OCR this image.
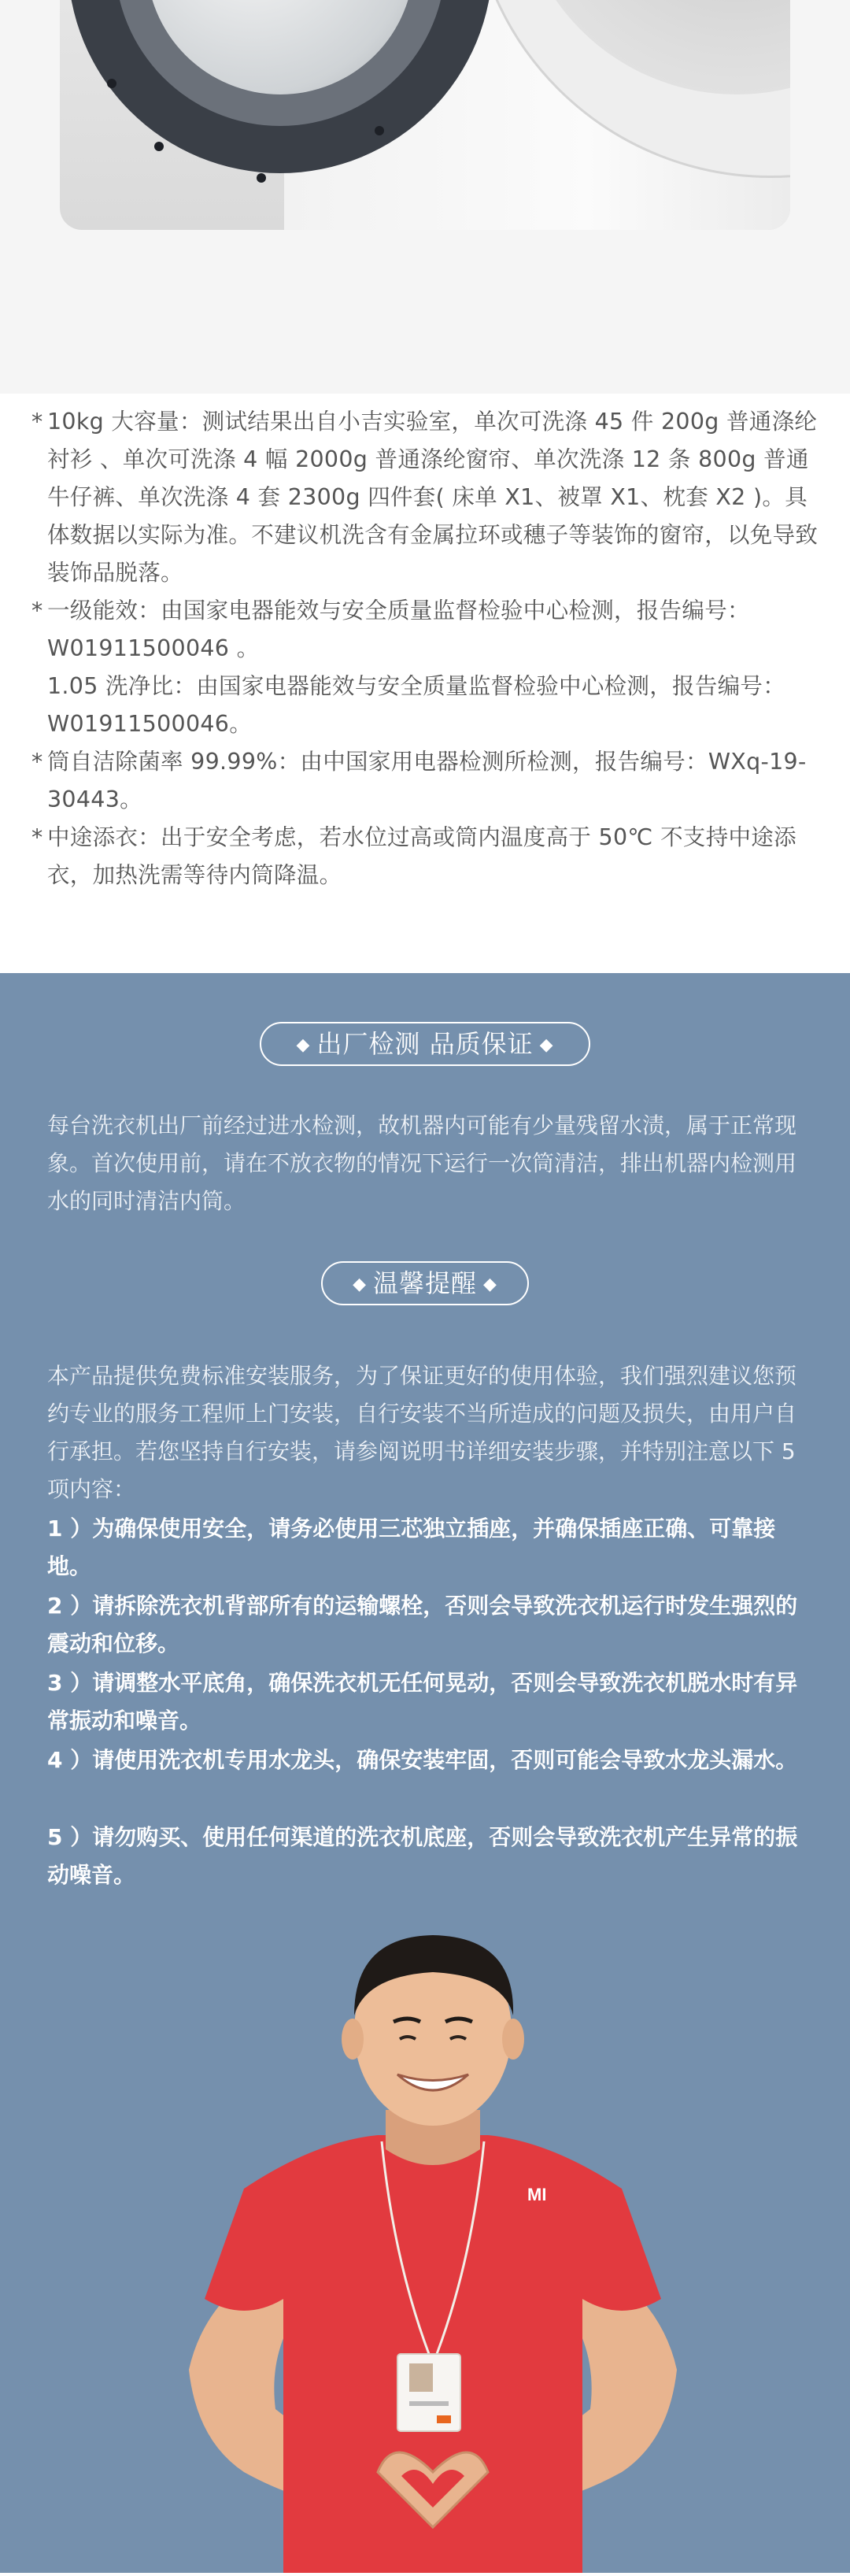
* 10kg 大容量：测试结果出自小吉实验室，单次可洗涤 45 件 200g 普通涤纶衬衫 、单次可洗涤 4 幅 2000g 普通涤纶窗帘、单次洗涤 12 条 800g 普通牛仔裤、单次洗涤 4 套 2300g 四件套( 床单 X1、被罩 X1、枕套 X2 )。具体数据以实际为准。不建议机洗含有金属拉环或穗子等装饰的窗帘，以免导致装饰品脱落。
* 一级能效：由国家电器能效与安全质量监督检验中心检测，报告编号：W01911500046 。
1.05 洗净比：由国家电器能效与安全质量监督检验中心检测，报告编号：W01911500046。
* 筒自洁除菌率 99.99%：由中国家用电器检测所检测，报告编号：WXq-19-30443。
* 中途添衣：出于安全考虑，若水位过高或筒内温度高于 50℃ 不支持中途添衣，加热洗需等待内筒降温。
◆ 出厂检测 品质保证 ◆
每台洗衣机出厂前经过进水检测，故机器内可能有少量残留水渍，属于正常现象。首次使用前，请在不放衣物的情况下运行一次筒清洁，排出机器内检测用水的同时清洁内筒。
◆ 温馨提醒 ◆
本产品提供免费标准安装服务，为了保证更好的使用体验，我们强烈建议您预约专业的服务工程师上门安装，自行安装不当所造成的问题及损失，由用户自行承担。若您坚持自行安装，请参阅说明书详细安装步骤，并特别注意以下 5项内容：
1 ）为确保使用安全，请务必使用三芯独立插座，并确保插座正确、可靠接地。
2 ）请拆除洗衣机背部所有的运输螺栓，否则会导致洗衣机运行时发生强烈的震动和位移。
3 ）请调整水平底角，确保洗衣机无任何晃动，否则会导致洗衣机脱水时有异常振动和噪音。
4 ）请使用洗衣机专用水龙头，确保安装牢固，否则可能会导致水龙头漏水。
5 ）请勿购买、使用任何渠道的洗衣机底座，否则会导致洗衣机产生异常的振动噪音。
MI
